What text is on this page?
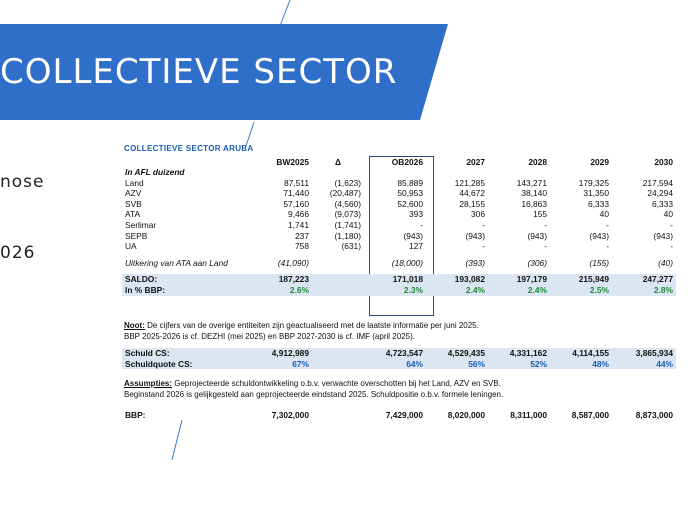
COLLECTIEVE SECTOR
nose
026
COLLECTIEVE SECTOR ARUBA
	BW2025	Δ	OB2026	2027	2028	2029	2030
In AFL duizend							
Land	87,511	(1,623)	85,889	121,285	143,271	179,325	217,594
AZV	71,440	(20,487)	50,953	44,672	38,140	31,350	24,294
SVB	57,160	(4,560)	52,600	28,155	16,863	6,333	6,333
ATA	9,466	(9,073)	393	306	155	40	40
Serlimar	1,741	(1,741)	-	-	-	-	-
SEPB	237	(1,180)	(943)	(943)	(943)	(943)	(943)
UA	758	(631)	127	-	-	-	-

Uitkering van ATA aan Land	(41,090)		(18,000)	(393)	(306)	(155)	(40)

SALDO:	187,223		171,018	193,082	197,179	215,949	247,277
In % BBP:	2.6%		2.3%	2.4%	2.4%	2.5%	2.8%
Noot: De cijfers van de overige entiteiten zijn geactualiseerd met de laatste informatie per juni 2025.
BBP 2025-2026 is cf. DEZHI (mei 2025) en BBP 2027-2030 is cf. IMF (april 2025).
Schuld CS:	4,912,989		4,723,547	4,529,435	4,331,162	4,114,155	3,865,934
Schuldquote CS:	67%		64%	56%	52%	48%	44%
Assumpties: Geprojecteerde schuldontwikkeling o.b.v. verwachte overschotten bij het Land, AZV en SVB.
Beginstand 2026 is gelijkgesteld aan geprojecteerde eindstand 2025. Schuldpositie o.b.v. formele leningen.
BBP:	7,302,000		7,429,000	8,020,000	8,311,000	8,587,000	8,873,000
